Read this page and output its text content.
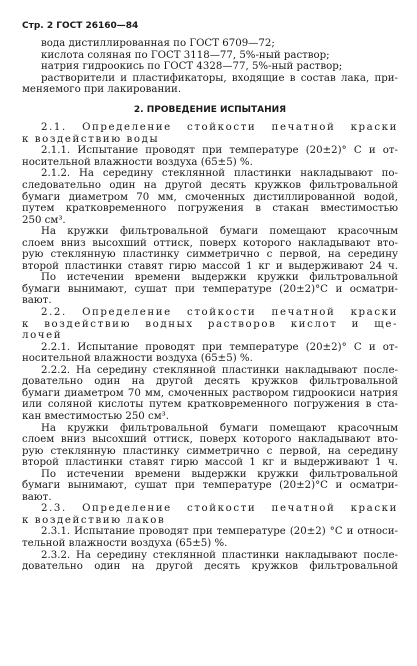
Стр. 2 ГОСТ 26160—84
вода дистиллированная по ГОСТ 6709—72;
кислота соляная по ГОСТ 3118—77, 5%-ный раствор;
натрия гидроокись по ГОСТ 4328—77, 5%-ный раствор;
растворители и пластификаторы, входящие в состав лака, при-
меняемого при лакировании.
2. ПРОВЕДЕНИЕ ИСПЫТАНИЯ
2.1. Определение стойкости печатной краски
к воздействию воды
2.1.1. Испытание проводят при температуре (20±2)° С и от-
носительной влажности воздуха (65±5) %.
2.1.2. На середину стеклянной пластинки накладывают по-
следовательно один на другой десять кружков фильтровальной
бумаги диаметром 70 мм, смоченных дистиллированной водой,
путем кратковременного погружения в стакан вместимостью
250 см³.
На кружки фильтровальной бумаги помещают красочным
слоем вниз высохший оттиск, поверх которого накладывают вто-
рую стеклянную пластинку симметрично с первой, на середину
второй пластинки ставят гирю массой 1 кг и выдерживают 24 ч.
По истечении времени выдержки кружки фильтровальной
бумаги вынимают, сушат при температуре (20±2)°С и осматри-
вают.
2.2. Определение стойкости печатной краски
к воздействию водных растворов кислот и ще-
лочей
2.2.1. Испытание проводят при температуре (20±2)° С и от-
носительной влажности воздуха (65±5) %.
2.2.2. На середину стеклянной пластинки накладывают после-
довательно один на другой десять кружков фильтровальной
бумаги диаметром 70 мм, смоченных раствором гидроокиси натрия
или соляной кислоты путем кратковременного погружения в ста-
кан вместимостью 250 см³.
На кружки фильтровальной бумаги помещают красочным
слоем вниз высохший оттиск, поверх которого накладывают вто-
рую стеклянную пластинку симметрично с первой, на середину
второй пластинки ставят гирю массой 1 кг и выдерживают 1 ч.
По истечении времени выдержки кружки фильтровальной
бумаги вынимают, сушат при температуре (20±2)°С и осматри-
вают.
2.3. Определение стойкости печатной краски
к воздействию лаков
2.3.1. Испытание проводят при температуре (20±2) °С и относи-
тельной влажности воздуха (65±5) %.
2.3.2. На середину стеклянной пластинки накладывают после-
довательно один на другой десять кружков фильтровальной
